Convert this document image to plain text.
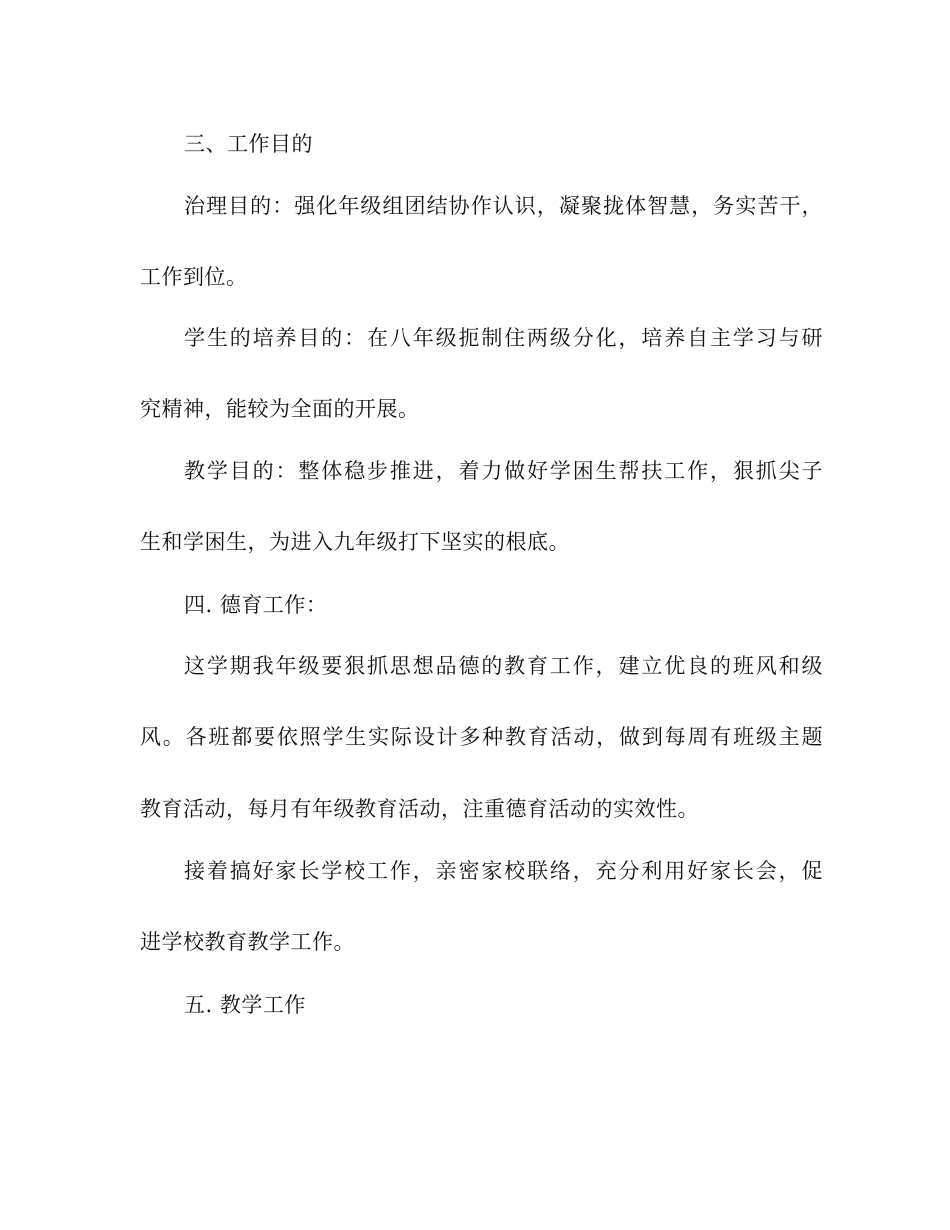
三、工作目的

治理目的：强化年级组团结协作认识，凝聚拢体智慧，务实苦干，

工作到位。

学生的培养目的：在八年级扼制住两级分化，培养自主学习与研

究精神，能较为全面的开展。

教学目的：整体稳步推进，着力做好学困生帮扶工作，狠抓尖子

生和学困生，为进入九年级打下坚实的根底。

四. 德育工作：

这学期我年级要狠抓思想品德的教育工作，建立优良的班风和级

风。各班都要依照学生实际设计多种教育活动，做到每周有班级主题

教育活动，每月有年级教育活动，注重德育活动的实效性。

接着搞好家长学校工作，亲密家校联络，充分利用好家长会，促

进学校教育教学工作。

五. 教学工作
